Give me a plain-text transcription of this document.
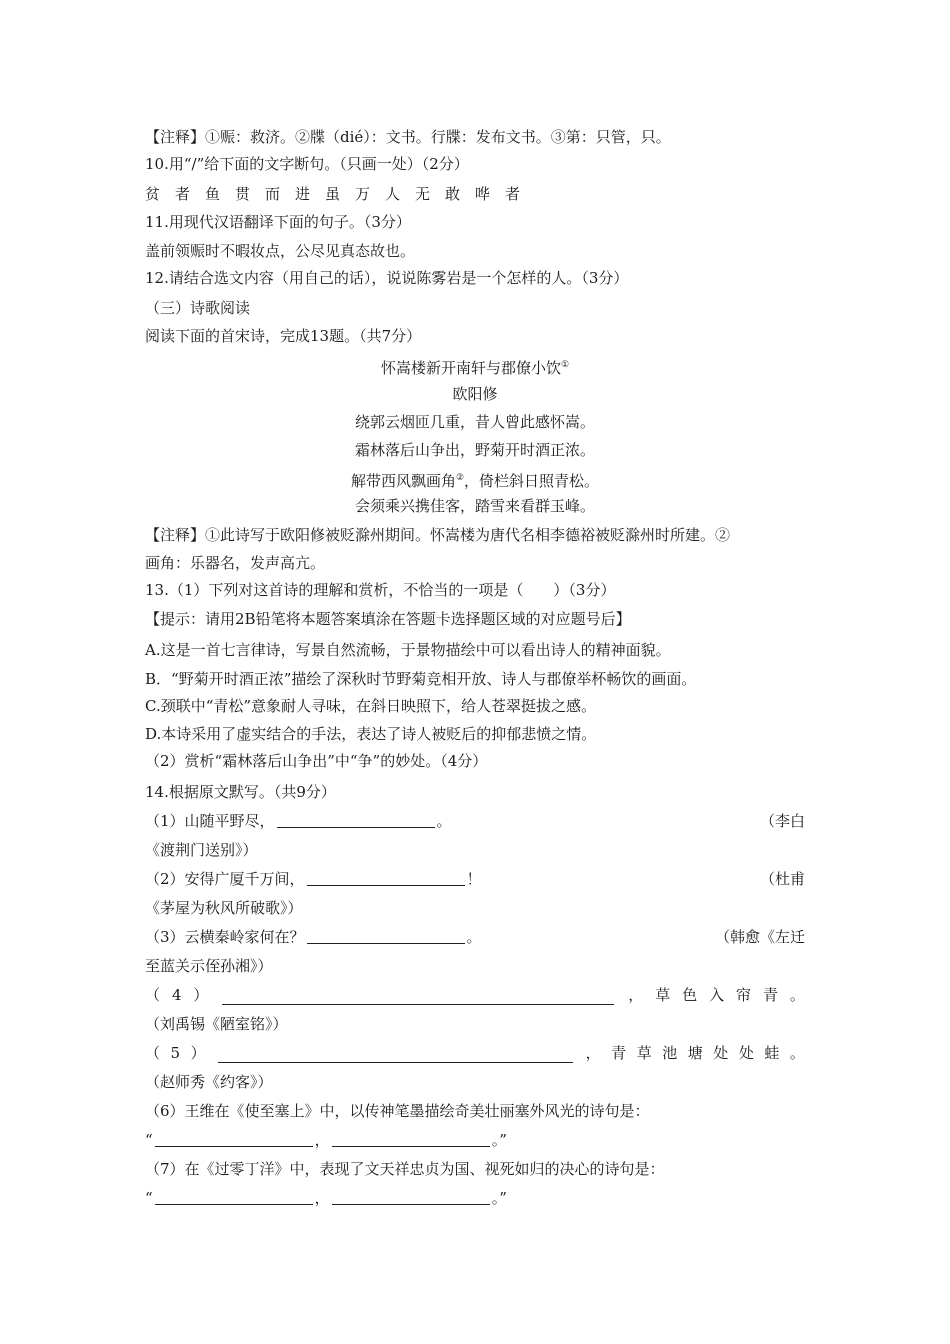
【注释】①赈：救济。②牒（dié）：文书。行牒：发布文书。③第：只管，只。
10.用“/”给下面的文字断句。（只画一处）（2分）
贫 者 鱼 贯 而 进 虽 万 人 无 敢 哗 者
11.用现代汉语翻译下面的句子。（3分）
盖前领赈时不暇妆点，公尽见真态故也。
12.请结合选文内容（用自己的话），说说陈雾岩是一个怎样的人。（3分）
（三）诗歌阅读
阅读下面的首宋诗，完成13题。（共7分）
怀嵩楼新开南轩与郡僚小饮①
欧阳修
绕郭云烟匝几重，昔人曾此感怀嵩。
霜林落后山争出，野菊开时酒正浓。
解带西风飘画角②，倚栏斜日照青松。
会须乘兴携佳客，踏雪来看群玉峰。
【注释】①此诗写于欧阳修被贬滁州期间。怀嵩楼为唐代名相李德裕被贬滁州时所建。②
画角：乐器名，发声高亢。
13.（1）下列对这首诗的理解和赏析，不恰当的一项是（　　）（3分）
【提示：请用2B铅笔将本题答案填涂在答题卡选择题区域的对应题号后】
A.这是一首七言律诗，写景自然流畅，于景物描绘中可以看出诗人的精神面貌。
B．“野菊开时酒正浓”描绘了深秋时节野菊竞相开放、诗人与郡僚举杯畅饮的画面。
C.颈联中“青松”意象耐人寻味，在斜日映照下，给人苍翠挺拔之感。
D.本诗采用了虚实结合的手法，表达了诗人被贬后的抑郁悲愤之情。
（2）赏析“霜林落后山争出”中“争”的妙处。（4分）
14.根据原文默写。（共9分）
（1）山随平野尽，	。	（李白
《渡荆门送别》）
（2）安得广厦千万间，	！	（杜甫
《茅屋为秋风所破歌》）
（3）云横秦岭家何在？	。	（韩愈《左迁
至蓝关示侄孙湘》）
（ 4 ）	， 草 色 入 帘 青 。
（刘禹锡《陋室铭》）
（ 5 ）	， 青 草 池 塘 处 处 蛙 。
（赵师秀《约客》）
（6）王维在《使至塞上》中，以传神笔墨描绘奇美壮丽塞外风光的诗句是：
“	，	。”
（7）在《过零丁洋》中，表现了文天祥忠贞为国、视死如归的决心的诗句是：
“	，	。”
